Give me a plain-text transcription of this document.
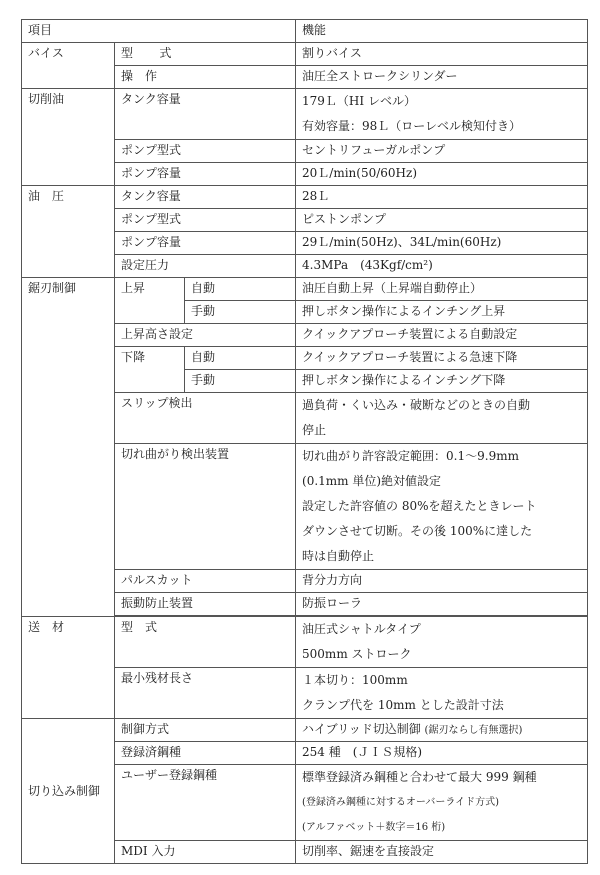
項目			機能
バイス	型　式		割りバイス
	操　作		油圧全ストロークシリンダー
切削油	タンク容量		179Ｌ（HI レベル）
有効容量：98Ｌ（ローレベル検知付き）

	ポンプ型式		セントリフューガルポンプ
	ポンプ容量		20Ｌ/min(50/60Hz)
油　圧	タンク容量		28Ｌ
	ポンプ型式		ピストンポンプ
	ポンプ容量		29Ｌ/min(50Hz)、34L/min(60Hz)
	設定圧力		4.3MPa　(43Kgf/cm²)
鋸刃制御	上昇	自動	油圧自動上昇（上昇端自動停止）
		手動	押しボタン操作によるインチング上昇
	上昇高さ設定		クイックアプローチ装置による自動設定
	下降	自動	クイックアプローチ装置による急速下降
		手動	押しボタン操作によるインチング下降
	スリップ検出		過負荷・くい込み・破断などのときの自動
停止

	切れ曲がり検出装置		切れ曲がり許容設定範囲：0.1～9.9mm
(0.1mm 単位)絶対値設定
設定した許容値の 80%を超えたときレート
ダウンさせて切断。その後 100%に達した
時は自動停止

	パルスカット		背分力方向
	振動防止装置		防振ローラ

送　材	型　式		油圧式シャトルタイプ
500mm ストローク

	最小残材長さ		１本切り：100mm
クランプ代を 10mm とした設計寸法

切り込み制御	制御方式		ハイブリッド切込制御 (鋸刃ならし有無選択)
	登録済鋼種		254 種　(ＪＩＳ規格)
	ユーザー登録鋼種		標準登録済み鋼種と合わせて最大 999 鋼種
(登録済み鋼種に対するオーバーライド方式)
(アルファベット＋数字＝16 桁)

	MDI 入力		切削率、鋸速を直接設定
